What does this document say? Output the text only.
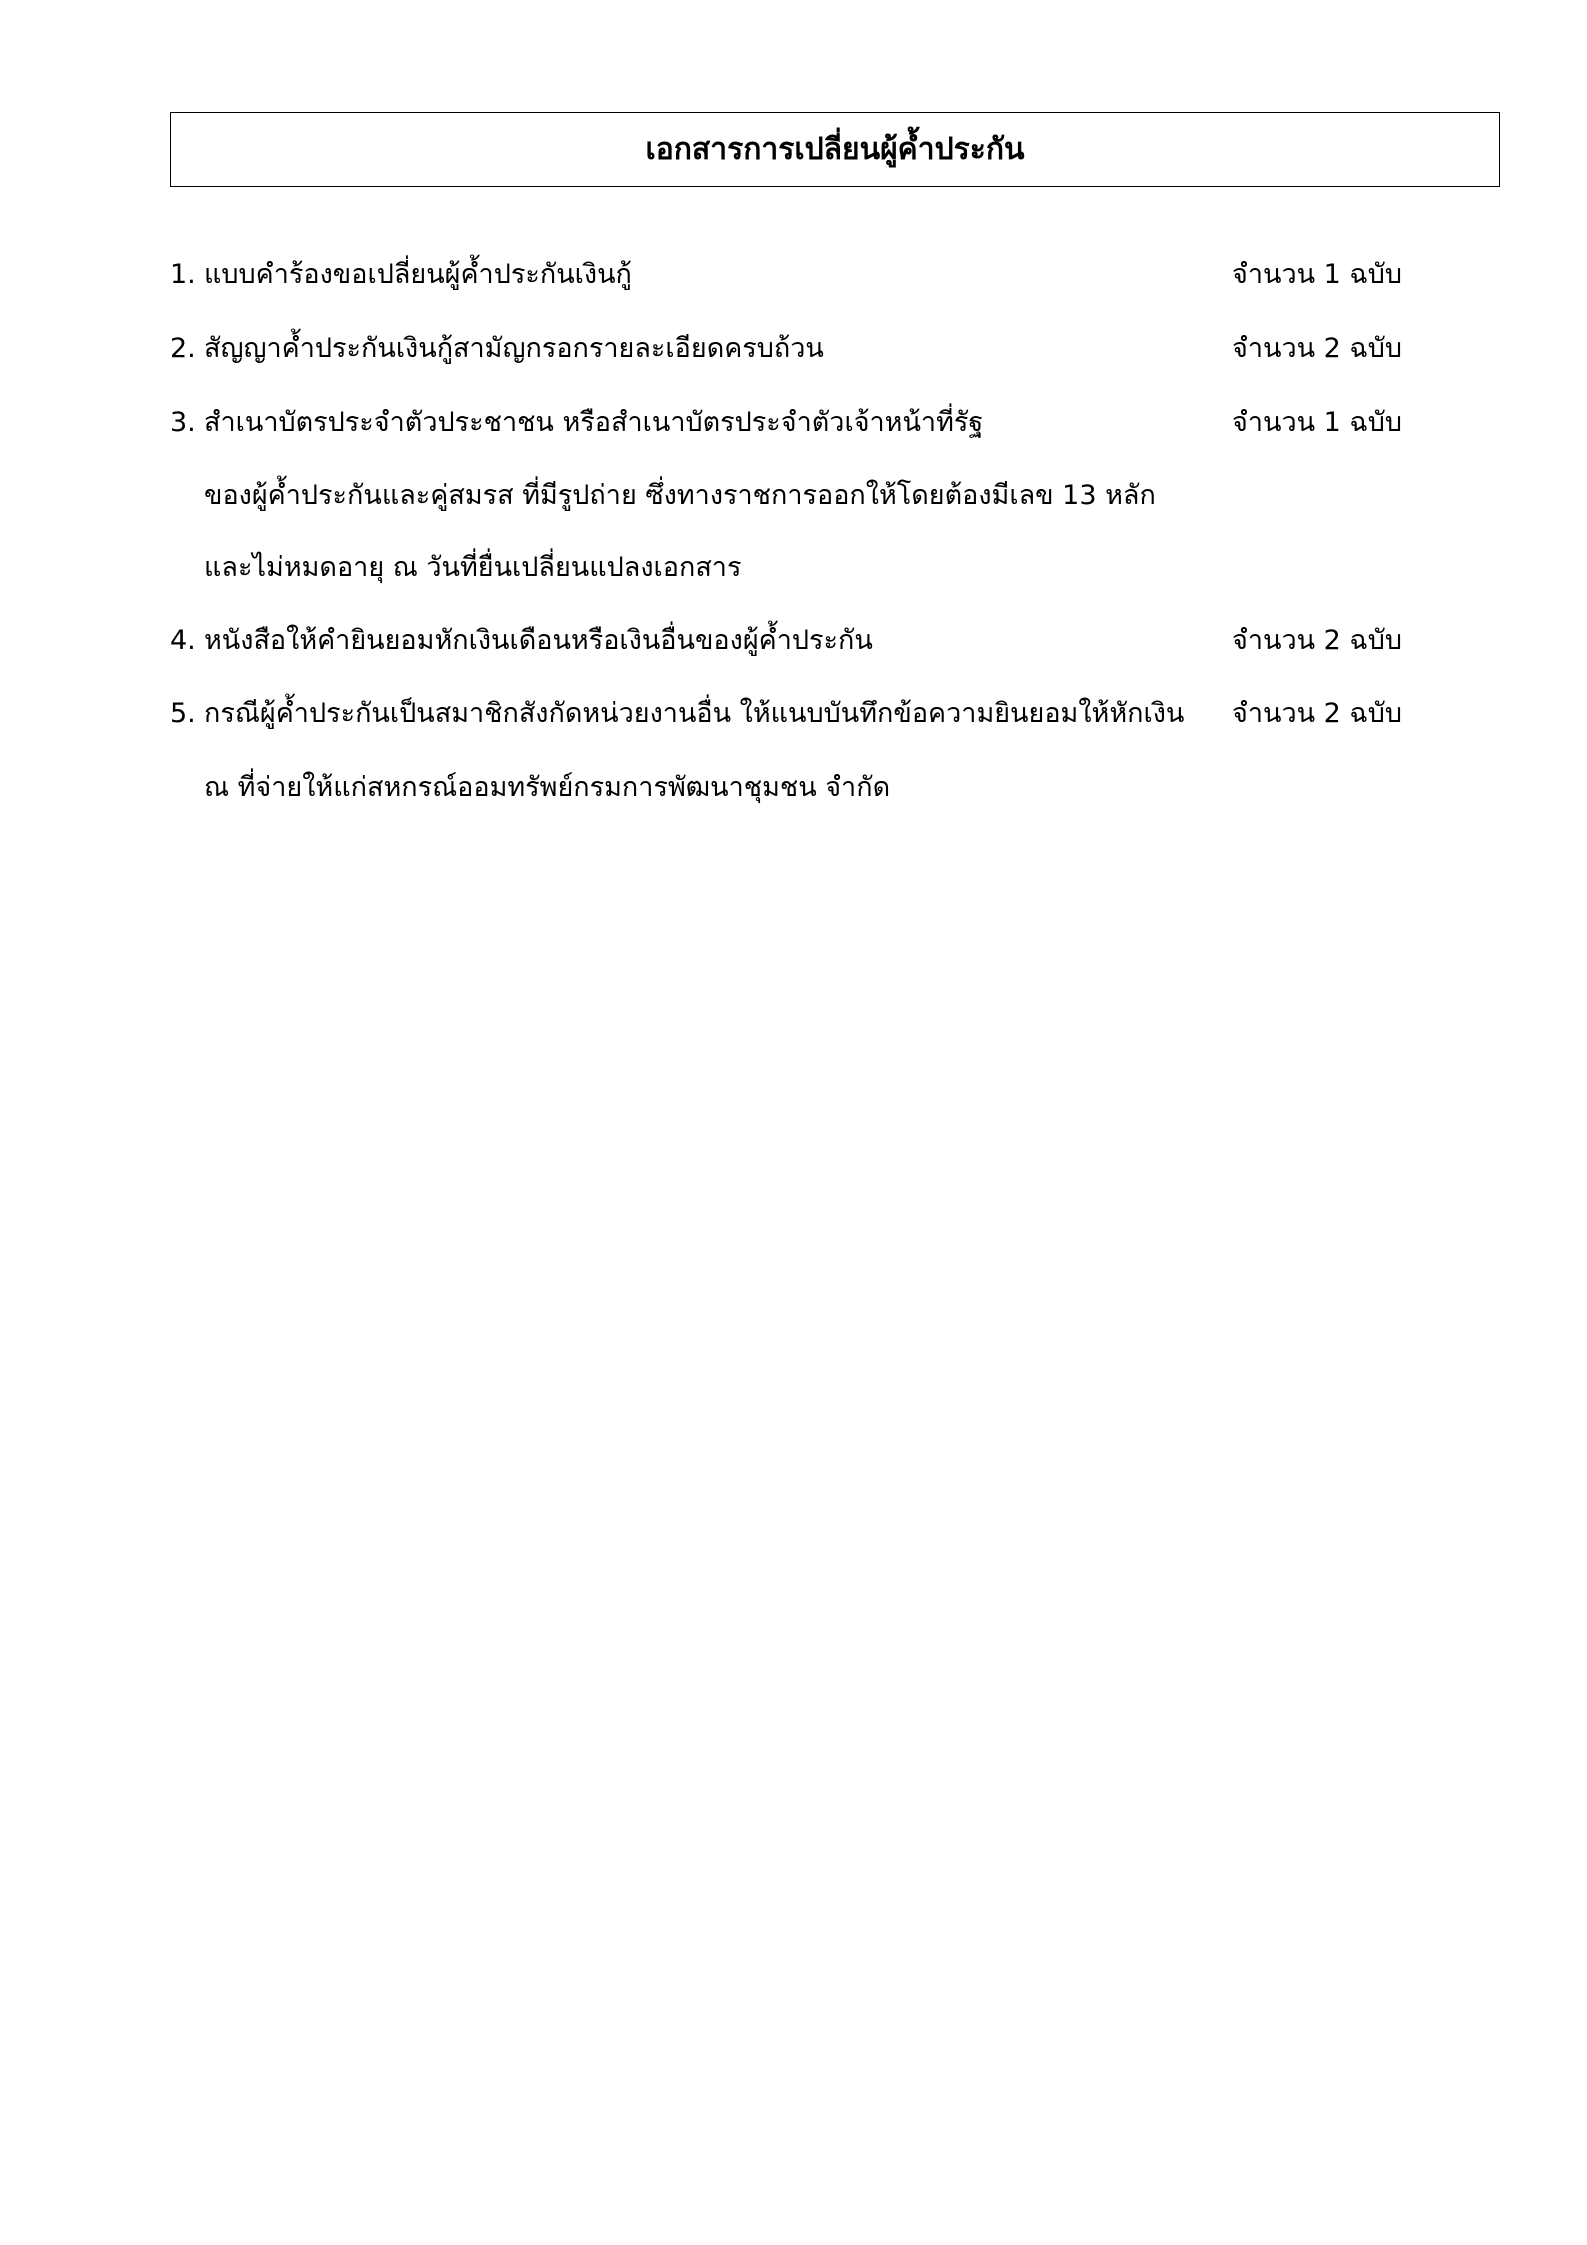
เอกสารการเปลี่ยนผู้ค้ำประกัน
1. แบบคำร้องขอเปลี่ยนผู้ค้ำประกันเงินกู้	จำนวน 1 ฉบับ
2. สัญญาค้ำประกันเงินกู้สามัญกรอกรายละเอียดครบถ้วน	จำนวน 2 ฉบับ
3. สำเนาบัตรประจำตัวประชาชน หรือสำเนาบัตรประจำตัวเจ้าหน้าที่รัฐ	จำนวน 1 ฉบับ
ของผู้ค้ำประกันและคู่สมรส ที่มีรูปถ่าย ซึ่งทางราชการออกให้โดยต้องมีเลข 13 หลัก
และไม่หมดอายุ ณ วันที่ยื่นเปลี่ยนแปลงเอกสาร
4. หนังสือให้คำยินยอมหักเงินเดือนหรือเงินอื่นของผู้ค้ำประกัน	จำนวน 2 ฉบับ
5. กรณีผู้ค้ำประกันเป็นสมาชิกสังกัดหน่วยงานอื่น ให้แนบบันทึกข้อความยินยอมให้หักเงิน จำนวน 2 ฉบับ
ณ ที่จ่ายให้แก่สหกรณ์ออมทรัพย์กรมการพัฒนาชุมชน จำกัด
